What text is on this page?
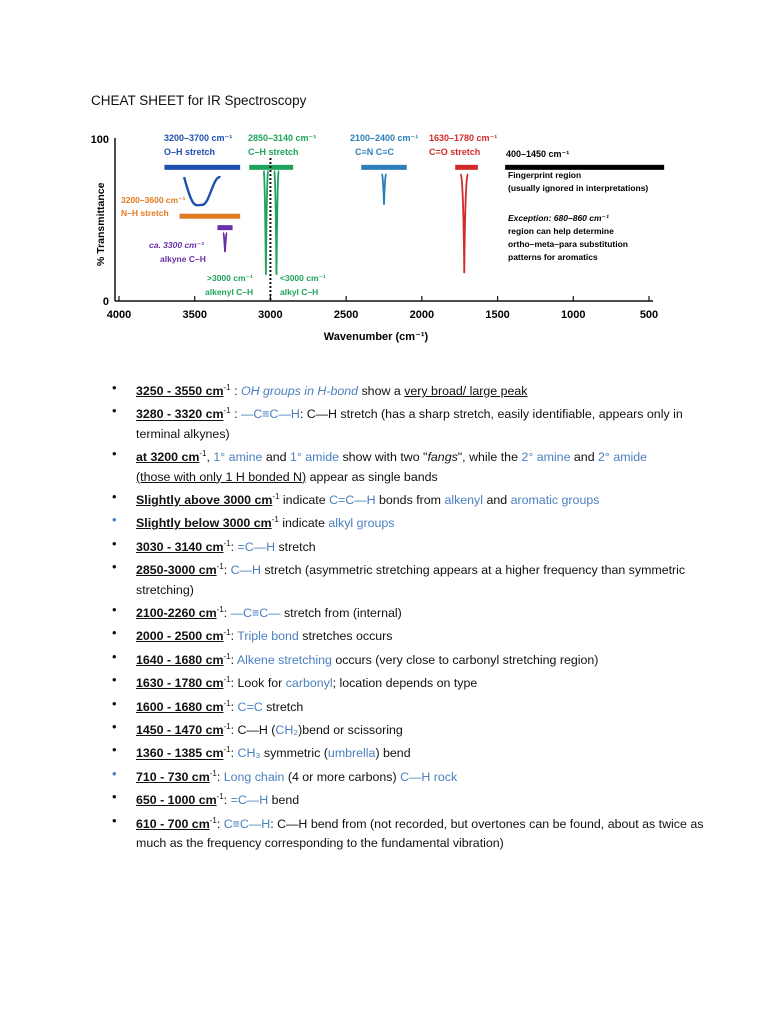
CHEAT SHEET for IR Spectroscopy
4000	3500	3000	2500	2000	1500	1000	500
100
0
% Transmittance
Wavenumber (cm⁻¹)
3200–3700 cm⁻¹
O–H stretch
2850–3140 cm⁻¹
C–H stretch
2100–2400 cm⁻¹
C≡N C≡C
1630–1780 cm⁻¹
C=O stretch	400–1450 cm⁻¹
Fingerprint region
(usually ignored in interpretations)
Exception: 680–860 cm⁻¹
region can help determine
ortho–meta–para substitution
patterns for aromatics
3200–3600 cm⁻¹
N–H stretch
ca. 3300 cm⁻¹
alkyne C–H
>3000 cm⁻¹
alkenyl C–H
<3000 cm⁻¹
alkyl C–H
• 3250 - 3550 $cm^{-1}$ : OH groups in H-bond show a very broad/ large peak
• 3280 - 3320 $cm^{-1}$ : —C≡C—H: C—H stretch (has a sharp stretch, easily identifiable, appears only in terminal alkynes)
• at 3200 $cm^{-1}$, 1° amine and 1° amide show with two "fangs", while the 2° amine and 2° amide
(those with only 1 H bonded N) appear as single bands
• Slightly above 3000 $cm^{-1}$ indicate C=C—H bonds from alkenyl and aromatic groups
• Slightly below 3000 $cm^{-1}$ indicate alkyl groups
• 3030 - 3140 $cm^{-1}$: =C—H stretch
• 2850-3000 $cm^{-1}$: C—H stretch (asymmetric stretching appears at a higher frequency than symmetric stretching)
• 2100-2260 $cm^{-1}$: —C≡C— stretch from (internal)
• 2000 - 2500 $cm^{-1}$: Triple bond stretches occurs
• 1640 - 1680 $cm^{-1}$: Alkene stretching occurs (very close to carbonyl stretching region)
• 1630 - 1780 $cm^{-1}$: Look for carbonyl; location depends on type
• 1600 - 1680 $cm^{-1}$: C=C stretch
• 1450 - 1470 $cm^{-1}$: C—H (CH₂)bend or scissoring
• 1360 - 1385 $cm^{-1}$: CH₃ symmetric (umbrella) bend
• 710 - 730 $cm^{-1}$: Long chain (4 or more carbons) C—H rock
• 650 - 1000 $cm^{-1}$: =C—H bend
• 610 - 700 $cm^{-1}$: C≡C—H: C—H bend from (not recorded, but overtones can be found, about as twice as much as the frequency corresponding to the fundamental vibration)
